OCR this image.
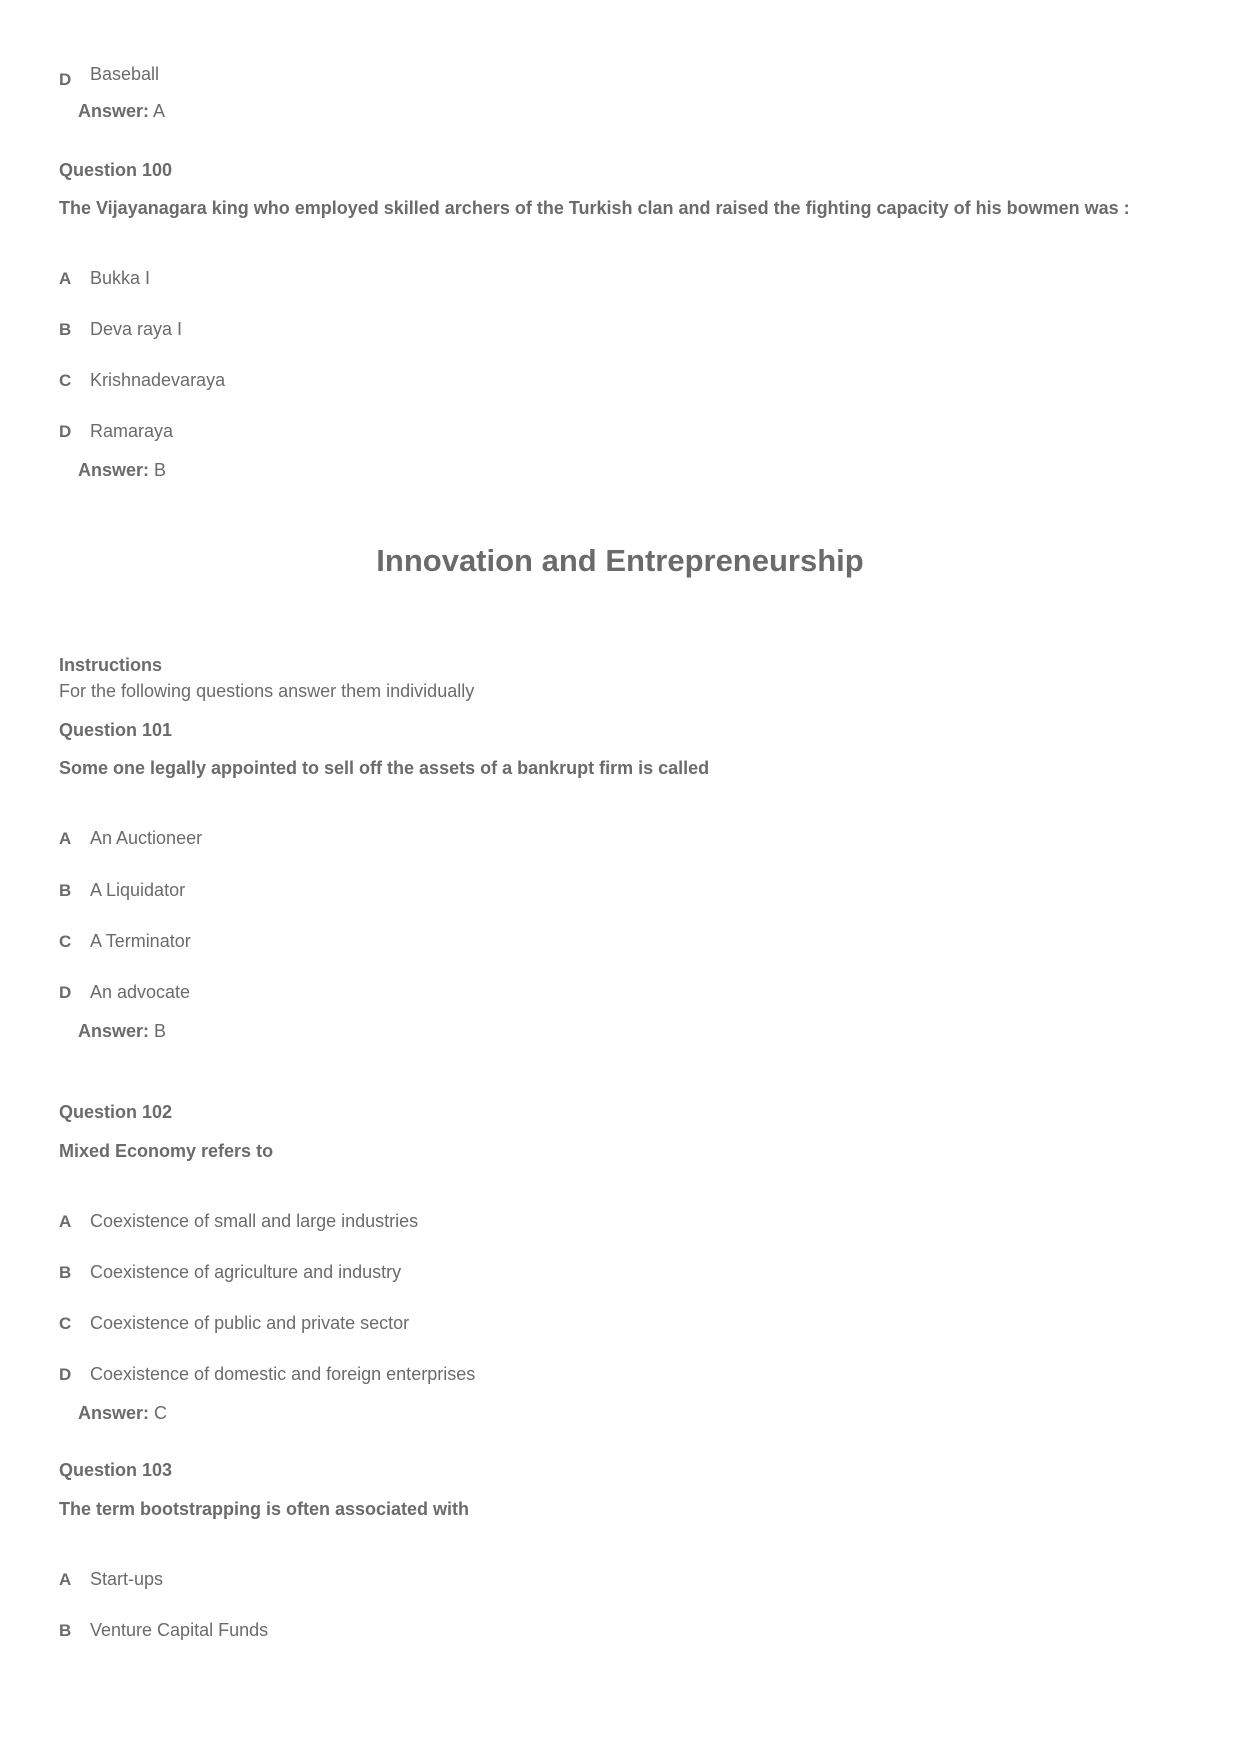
D Baseball
Answer: A
Question 100
The Vijayanagara king who employed skilled archers of the Turkish clan and raised the fighting capacity of his bowmen was :
A Bukka I
B Deva raya I
C Krishnadevaraya
D Ramaraya
Answer: B
Innovation and Entrepreneurship
Instructions
For the following questions answer them individually
Question 101
Some one legally appointed to sell off the assets of a bankrupt firm is called
A An Auctioneer
B A Liquidator
C A Terminator
D An advocate
Answer: B
Question 102
Mixed Economy refers to
A Coexistence of small and large industries
B Coexistence of agriculture and industry
C Coexistence of public and private sector
D Coexistence of domestic and foreign enterprises
Answer: C
Question 103
The term bootstrapping is often associated with
A Start-ups
B Venture Capital Funds
